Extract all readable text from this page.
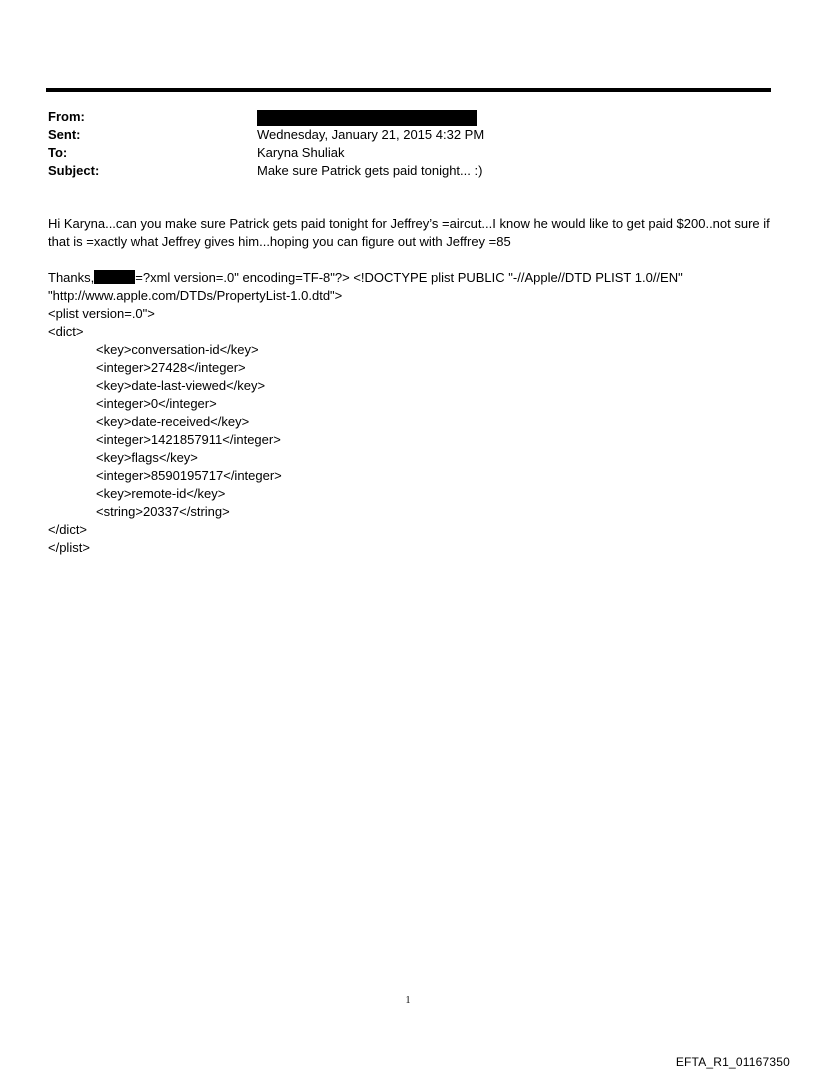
From:
Sent:	Wednesday, January 21, 2015 4:32 PM
To:	Karyna Shuliak
Subject:	Make sure Patrick gets paid tonight... :)

Hi Karyna...can you make sure Patrick gets paid tonight for Jeffrey’s =aircut...I know he would like to get paid $200..not sure if that is =xactly what Jeffrey gives him...hoping you can figure out with Jeffrey =85

Thanks,	=?xml version=.0" encoding=TF-8"?> <!DOCTYPE plist PUBLIC "-//Apple//DTD PLIST 1.0//EN" "http://www.apple.com/DTDs/PropertyList-1.0.dtd">

<plist version=.0">

<dict>

<key>conversation-id</key>

<integer>27428</integer>

<key>date-last-viewed</key>

<integer>0</integer>

<key>date-received</key>

<integer>1421857911</integer>

<key>flags</key>

<integer>8590195717</integer>

<key>remote-id</key>

<string>20337</string>

</dict>

</plist>

1
EFTA_R1_01167350
